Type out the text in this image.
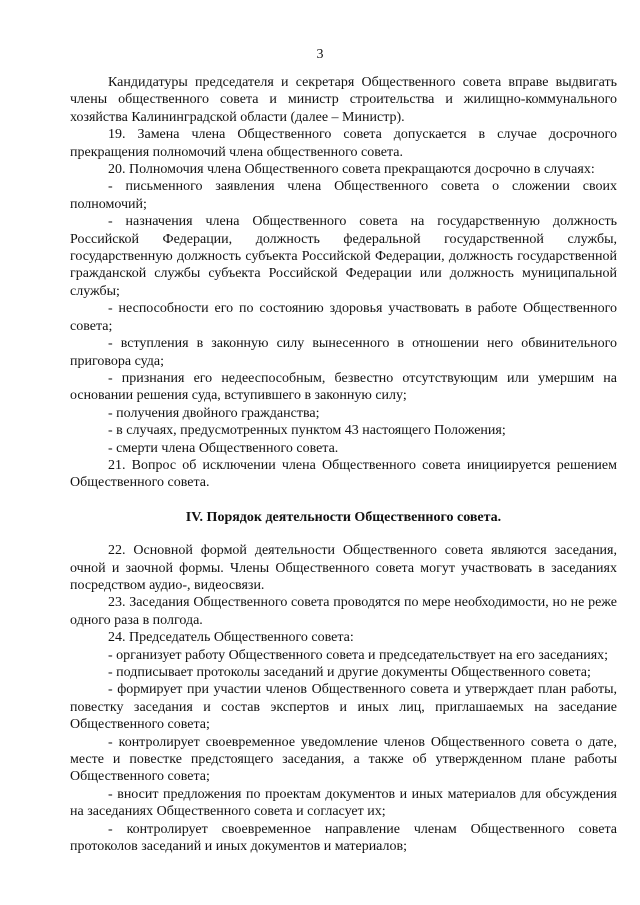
3

Кандидатуры председателя и секретаря Общественного совета вправе выдвигать члены общественного совета и министр строительства и жилищно-коммунального хозяйства Калининградской области (далее – Министр).

19. Замена члена Общественного совета допускается в случае досрочного прекращения полномочий члена общественного совета.

20. Полномочия члена Общественного совета прекращаются досрочно в случаях:

- письменного заявления члена Общественного совета о сложении своих полномочий;

- назначения члена Общественного совета на государственную должность Российской Федерации, должность федеральной государственной службы, государственную должность субъекта Российской Федерации, должность государственной гражданской службы субъекта Российской Федерации или должность муниципальной службы;

- неспособности его по состоянию здоровья участвовать в работе Общественного совета;

- вступления в законную силу вынесенного в отношении него обвинительного приговора суда;

- признания его недееспособным, безвестно отсутствующим или умершим на основании решения суда, вступившего в законную силу;

- получения двойного гражданства;

- в случаях, предусмотренных пунктом 43 настоящего Положения;

- смерти члена Общественного совета.

21. Вопрос об исключении члена Общественного совета инициируется решением Общественного совета.

IV. Порядок деятельности Общественного совета.

22. Основной формой деятельности Общественного совета являются заседания, очной и заочной формы. Члены Общественного совета могут участвовать в заседаниях посредством аудио-, видеосвязи.

23. Заседания Общественного совета проводятся по мере необходимости, но не реже одного раза в полгода.

24. Председатель Общественного совета:

- организует работу Общественного совета и председательствует на его заседаниях;

- подписывает протоколы заседаний и другие документы Общественного совета;

- формирует при участии членов Общественного совета и утверждает план работы, повестку заседания и состав экспертов и иных лиц, приглашаемых на заседание Общественного совета;

- контролирует своевременное уведомление членов Общественного совета о дате, месте и повестке предстоящего заседания, а также об утвержденном плане работы Общественного совета;

- вносит предложения по проектам документов и иных материалов для обсуждения на заседаниях Общественного совета и согласует их;

- контролирует своевременное направление членам Общественного совета протоколов заседаний и иных документов и материалов;
